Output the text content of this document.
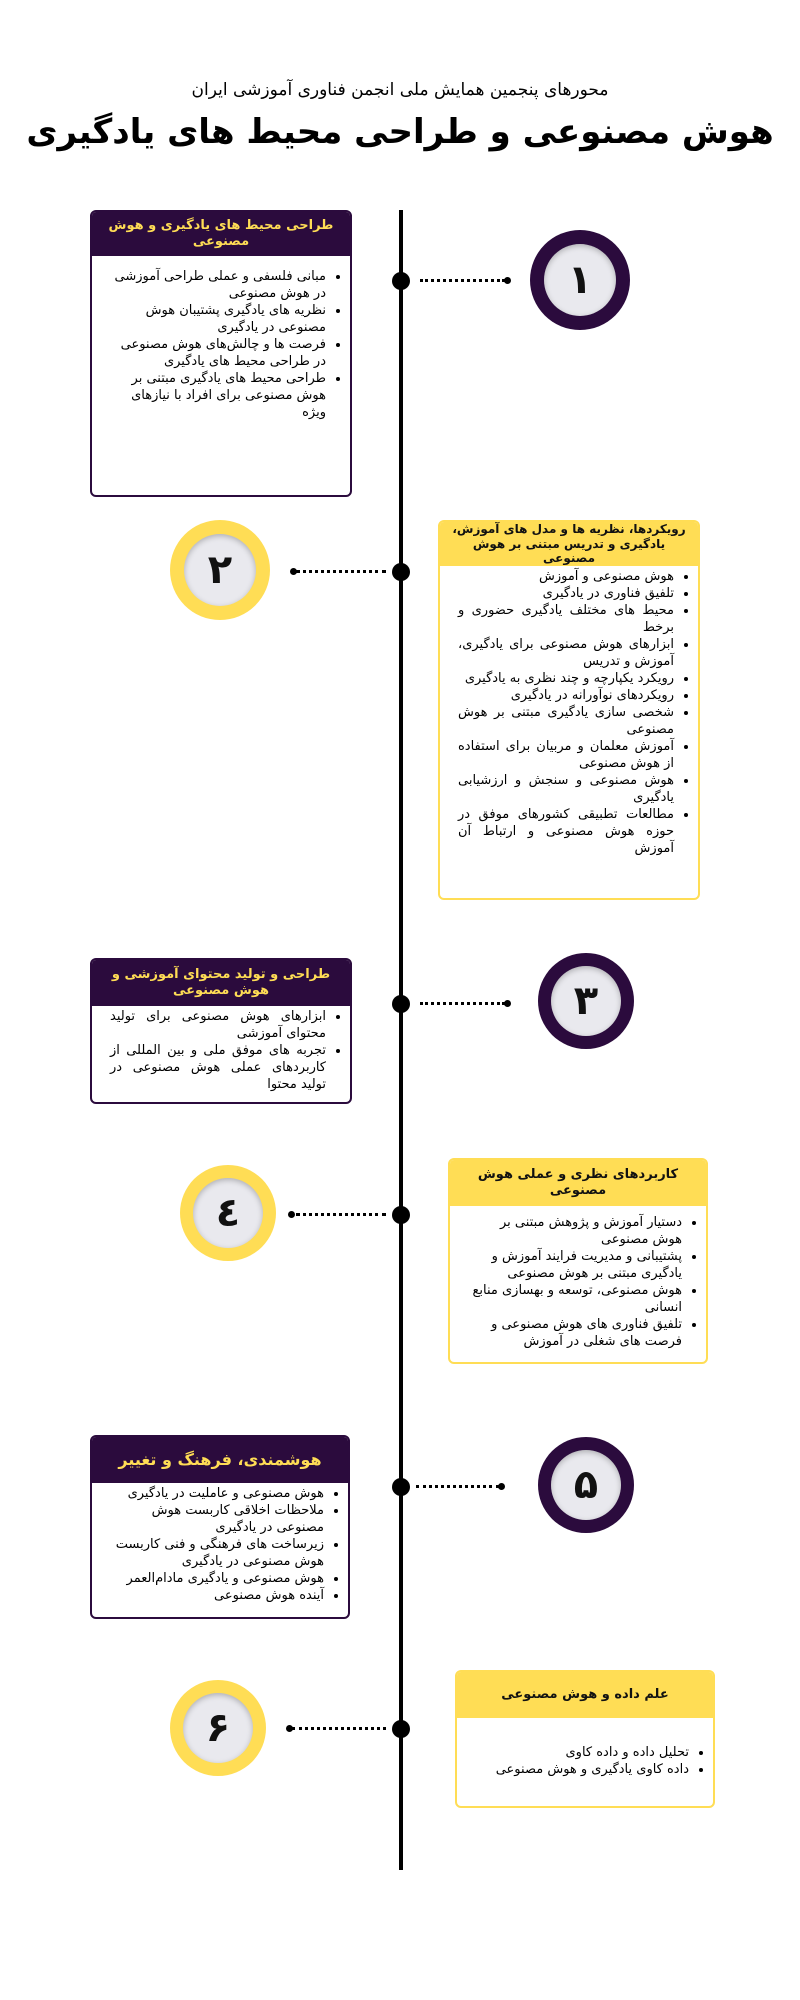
محورهای پنجمین همایش ملی انجمن فناوری آموزشی ایران
هوش مصنوعی و طراحی محیط های یادگیری
۱
طراحی محیط های یادگیری و هوش مصنوعی
• مبانی فلسفی و عملی طراحی آموزشی در هوش مصنوعی
• نظریه های یادگیری پشتیبان هوش مصنوعی در یادگیری
• فرصت ها و چالش‌های هوش مصنوعی در طراحی محیط های یادگیری
• طراحی محیط های یادگیری مبتنی بر هوش مصنوعی برای افراد با نیازهای ویژه
۲
رویکردها، نظریه ها و مدل های آموزش، یادگیری و تدریس مبتنی بر هوش مصنوعی
• هوش مصنوعی و آموزش
• تلفیق فناوری در یادگیری
• محیط های مختلف یادگیری حضوری و برخط
• ابزارهای هوش مصنوعی برای یادگیری، آموزش و تدریس
• رویکرد یکپارچه و چند نظری به یادگیری
• رویکردهای نوآورانه در یادگیری
• شخصی سازی یادگیری مبتنی بر هوش مصنوعی
• آموزش معلمان و مربیان برای استفاده از هوش مصنوعی
• هوش مصنوعی و سنجش و ارزشیابی یادگیری
• مطالعات تطبیقی کشورهای موفق در حوزه هوش مصنوعی و ارتباط آن آموزش
۳
طراحی و تولید محتوای آموزشی و هوش مصنوعی
• ابزارهای هوش مصنوعی برای تولید محتوای آموزشی
• تجربه های موفق ملی و بین المللی از کاربردهای عملی هوش مصنوعی در تولید محتوا
٤
کاربردهای نظری و عملی هوش مصنوعی
• دستیار آموزش و پژوهش مبتنی بر هوش مصنوعی
• پشتیبانی و مدیریت فرایند آموزش و یادگیری مبتنی بر هوش مصنوعی
• هوش مصنوعی، توسعه و بهسازی منابع انسانی
• تلفیق فناوری های هوش مصنوعی و فرصت های شغلی در آموزش
۵
هوشمندی، فرهنگ و تغییر
• هوش مصنوعی و عاملیت در یادگیری
• ملاحظات اخلاقی کاربست هوش مصنوعی در یادگیری
• زیرساخت های فرهنگی و فنی کاربست هوش مصنوعی در یادگیری
• هوش مصنوعی و یادگیری مادام‌العمر
• آینده هوش مصنوعی
۶
علم داده و هوش مصنوعی
• تحلیل داده و داده کاوی
• داده کاوی یادگیری و هوش مصنوعی
